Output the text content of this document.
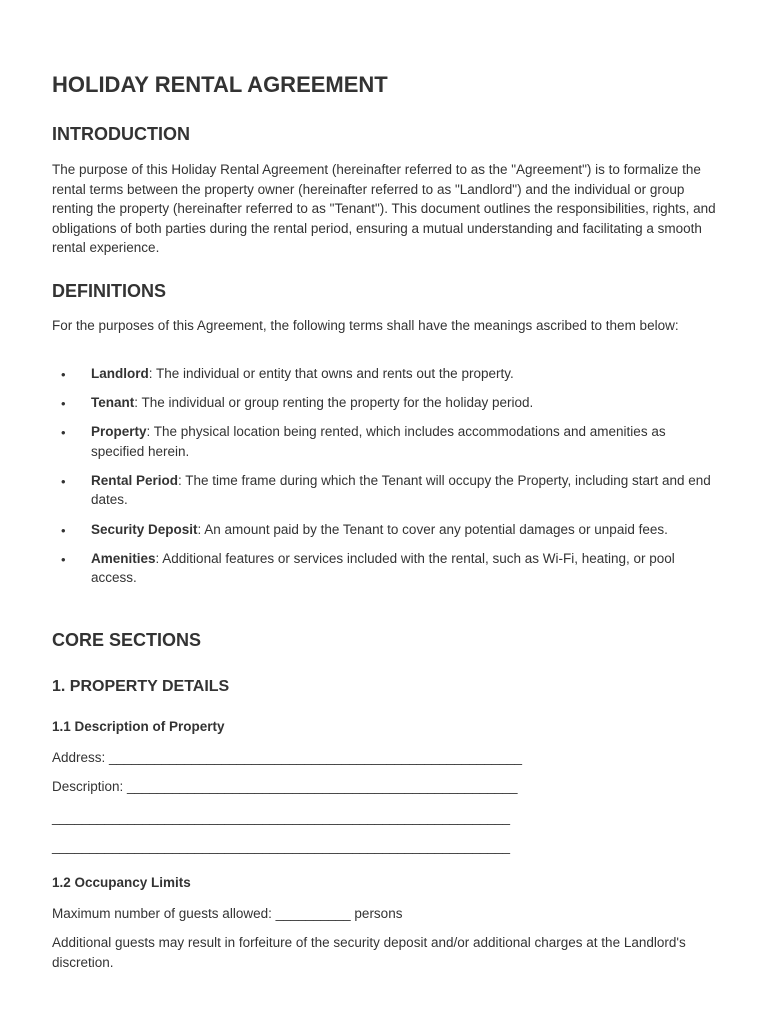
HOLIDAY RENTAL AGREEMENT
INTRODUCTION

The purpose of this Holiday Rental Agreement (hereinafter referred to as the "Agreement") is to formalize the rental terms between the property owner (hereinafter referred to as "Landlord") and the individual or group renting the property (hereinafter referred to as "Tenant"). This document outlines the responsibilities, rights, and obligations of both parties during the rental period, ensuring a mutual understanding and facilitating a smooth rental experience.

DEFINITIONS

For the purposes of this Agreement, the following terms shall have the meanings ascribed to them below:

• Landlord: The individual or entity that owns and rents out the property.
• Tenant: The individual or group renting the property for the holiday period.
• Property: The physical location being rented, which includes accommodations and amenities as specified herein.
• Rental Period: The time frame during which the Tenant will occupy the Property, including start and end dates.
• Security Deposit: An amount paid by the Tenant to cover any potential damages or unpaid fees.
• Amenities: Additional features or services included with the rental, such as Wi-Fi, heating, or pool access.
CORE SECTIONS
1. PROPERTY DETAILS
1.1 Description of Property

Address: _______________________________________________________

Description: ____________________________________________________

_____________________________________________________________

_____________________________________________________________

1.2 Occupancy Limits

Maximum number of guests allowed: __________ persons

Additional guests may result in forfeiture of the security deposit and/or additional charges at the Landlord's discretion.
